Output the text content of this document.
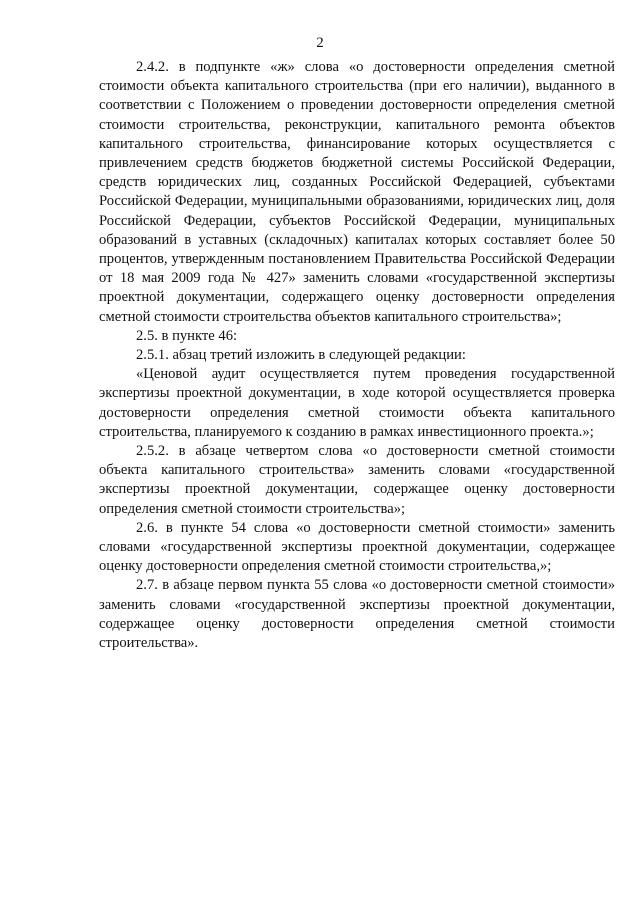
2

2.4.2. в подпункте «ж» слова «о достоверности определения сметной стоимости объекта капитального строительства (при его наличии), выданного в соответствии с Положением о проведении достоверности определения сметной стоимости строительства, реконструкции, капитального ремонта объектов капитального строительства, финансирование которых осуществляется с привлечением средств бюджетов бюджетной системы Российской Федерации, средств юридических лиц, созданных Российской Федерацией, субъектами Российской Федерации, муниципальными образованиями, юридических лиц, доля Российской Федерации, субъектов Российской Федерации, муниципальных образований в уставных (складочных) капиталах которых составляет более 50 процентов, утвержденным постановлением Правительства Российской Федерации от 18 мая 2009 года № 427» заменить словами «государственной экспертизы проектной документации, содержащего оценку достоверности определения сметной стоимости строительства объектов капитального строительства»;

2.5. в пункте 46:

2.5.1. абзац третий изложить в следующей редакции:

«Ценовой аудит осуществляется путем проведения государственной экспертизы проектной документации, в ходе которой осуществляется проверка достоверности определения сметной стоимости объекта капитального строительства, планируемого к созданию в рамках инвестиционного проекта.»;

2.5.2. в абзаце четвертом слова «о достоверности сметной стоимости объекта капитального строительства» заменить словами «государственной экспертизы проектной документации, содержащее оценку достоверности определения сметной стоимости строительства»;

2.6. в пункте 54 слова «о достоверности сметной стоимости» заменить словами «государственной экспертизы проектной документации, содержащее оценку достоверности определения сметной стоимости строительства,»;

2.7. в абзаце первом пункта 55 слова «о достоверности сметной стоимости» заменить словами «государственной экспертизы проектной документации, содержащее оценку достоверности определения сметной стоимости строительства».
